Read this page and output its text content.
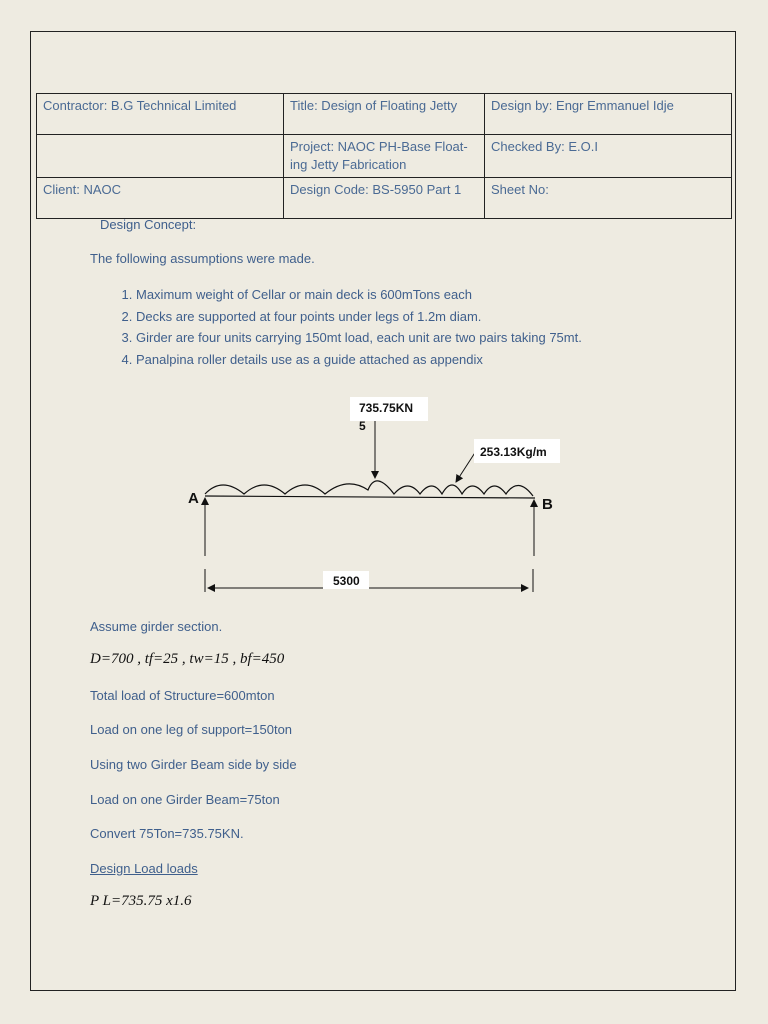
Contractor: B.G Technical Limited	Title: Design of Floating Jetty	Design by: Engr Emmanuel Idje
	Project: NAOC PH-Base Float-ing Jetty Fabrication	Checked By: E.O.I
Client: NAOC	Design Code: BS-5950 Part 1	Sheet No:
Design Concept:
The following assumptions were made.
1. Maximum weight of Cellar or main deck is 600mTons each
2. Decks are supported at four points under legs of 1.2m diam.
3. Girder are four units carrying 150mt load, each unit are two pairs taking 75mt.
4. Panalpina roller details use as a guide attached as appendix
735.75KN
5
253.13Kg/m
A	B
5300
Assume girder section.
D=700 , tf=25 , tw=15 , bf=450
Total load of Structure=600mton
Load on one leg of support=150ton
Using two Girder Beam side by side
Load on one Girder Beam=75ton
Convert 75Ton=735.75KN.
Design Load loads
P L=735.75 x1.6
